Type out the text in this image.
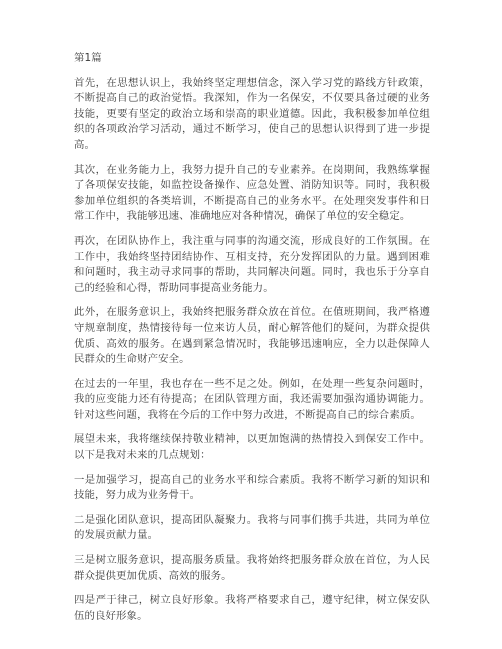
第1篇

首先，在思想认识上，我始终坚定理想信念，深入学习党的路线方针政策，不断提高自己的政治觉悟。我深知，作为一名保安，不仅要具备过硬的业务技能，更要有坚定的政治立场和崇高的职业道德。因此，我积极参加单位组织的各项政治学习活动，通过不断学习，使自己的思想认识得到了进一步提高。

其次，在业务能力上，我努力提升自己的专业素养。在岗期间，我熟练掌握了各项保安技能，如监控设备操作、应急处置、消防知识等。同时，我积极参加单位组织的各类培训，不断提高自己的业务水平。在处理突发事件和日常工作中，我能够迅速、准确地应对各种情况，确保了单位的安全稳定。

再次，在团队协作上，我注重与同事的沟通交流，形成良好的工作氛围。在工作中，我始终坚持团结协作、互相支持，充分发挥团队的力量。遇到困难和问题时，我主动寻求同事的帮助，共同解决问题。同时，我也乐于分享自己的经验和心得，帮助同事提高业务能力。

此外，在服务意识上，我始终把服务群众放在首位。在值班期间，我严格遵守规章制度，热情接待每一位来访人员，耐心解答他们的疑问，为群众提供优质、高效的服务。在遇到紧急情况时，我能够迅速响应，全力以赴保障人民群众的生命财产安全。

在过去的一年里，我也存在一些不足之处。例如，在处理一些复杂问题时，我的应变能力还有待提高；在团队管理方面，我还需要加强沟通协调能力。针对这些问题，我将在今后的工作中努力改进，不断提高自己的综合素质。

展望未来，我将继续保持敬业精神，以更加饱满的热情投入到保安工作中。以下是我对未来的几点规划：

一是加强学习，提高自己的业务水平和综合素质。我将不断学习新的知识和技能，努力成为业务骨干。

二是强化团队意识，提高团队凝聚力。我将与同事们携手共进，共同为单位的发展贡献力量。

三是树立服务意识，提高服务质量。我将始终把服务群众放在首位，为人民群众提供更加优质、高效的服务。

四是严于律己，树立良好形象。我将严格要求自己，遵守纪律，树立保安队伍的良好形象。
